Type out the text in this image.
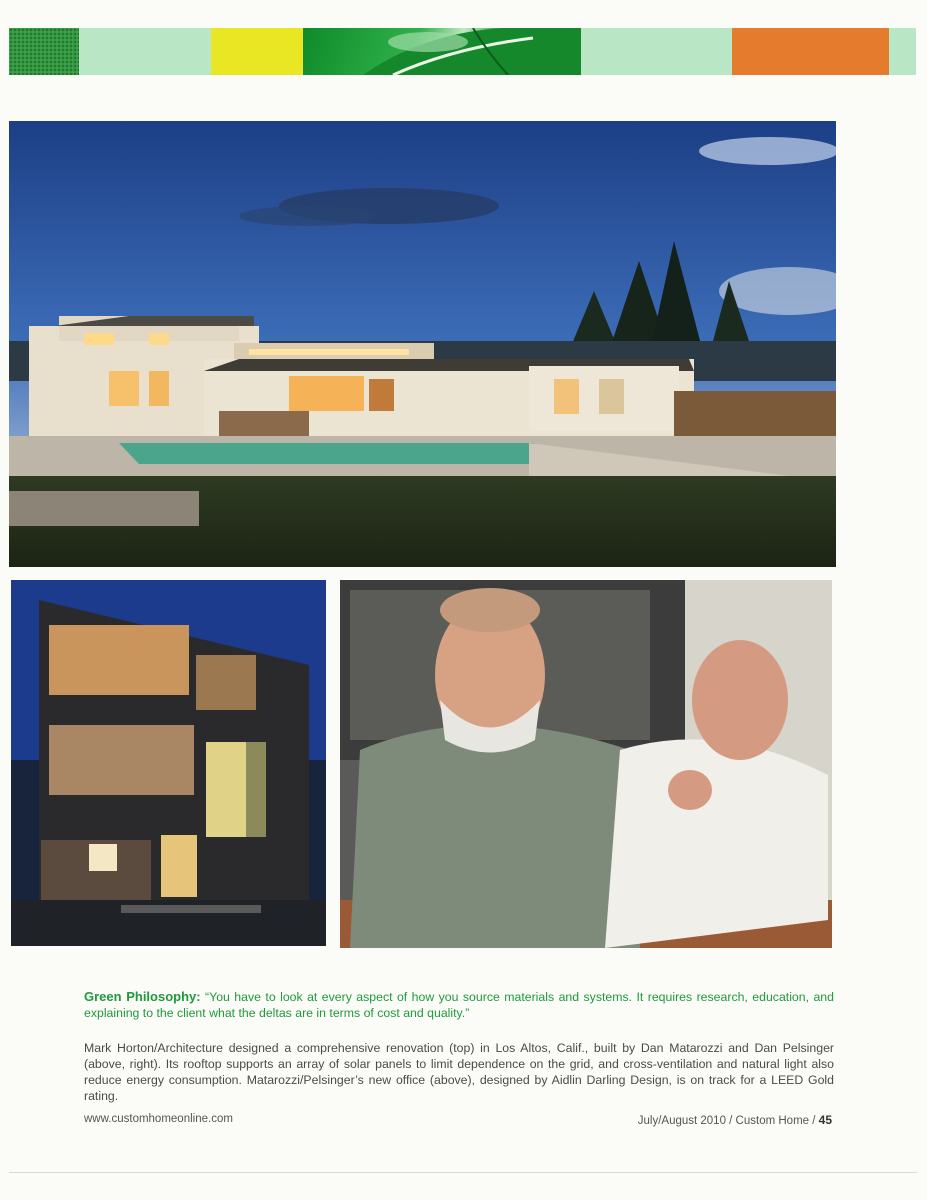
Green Philosophy: “You have to look at every aspect of how you source materials and systems. It requires research, education, and explaining to the client what the deltas are in terms of cost and quality.”
Mark Horton/Architecture designed a comprehensive renovation (top) in Los Altos, Calif., built by Dan Matarozzi and Dan Pelsinger (above, right). Its rooftop supports an array of solar panels to limit dependence on the grid, and cross-ventilation and natural light also reduce energy consumption. Matarozzi/Pelsinger’s new office (above), designed by Aidlin Darling Design, is on track for a LEED Gold rating.
www.customhomeonline.com	July/August 2010 / Custom Home / 45
